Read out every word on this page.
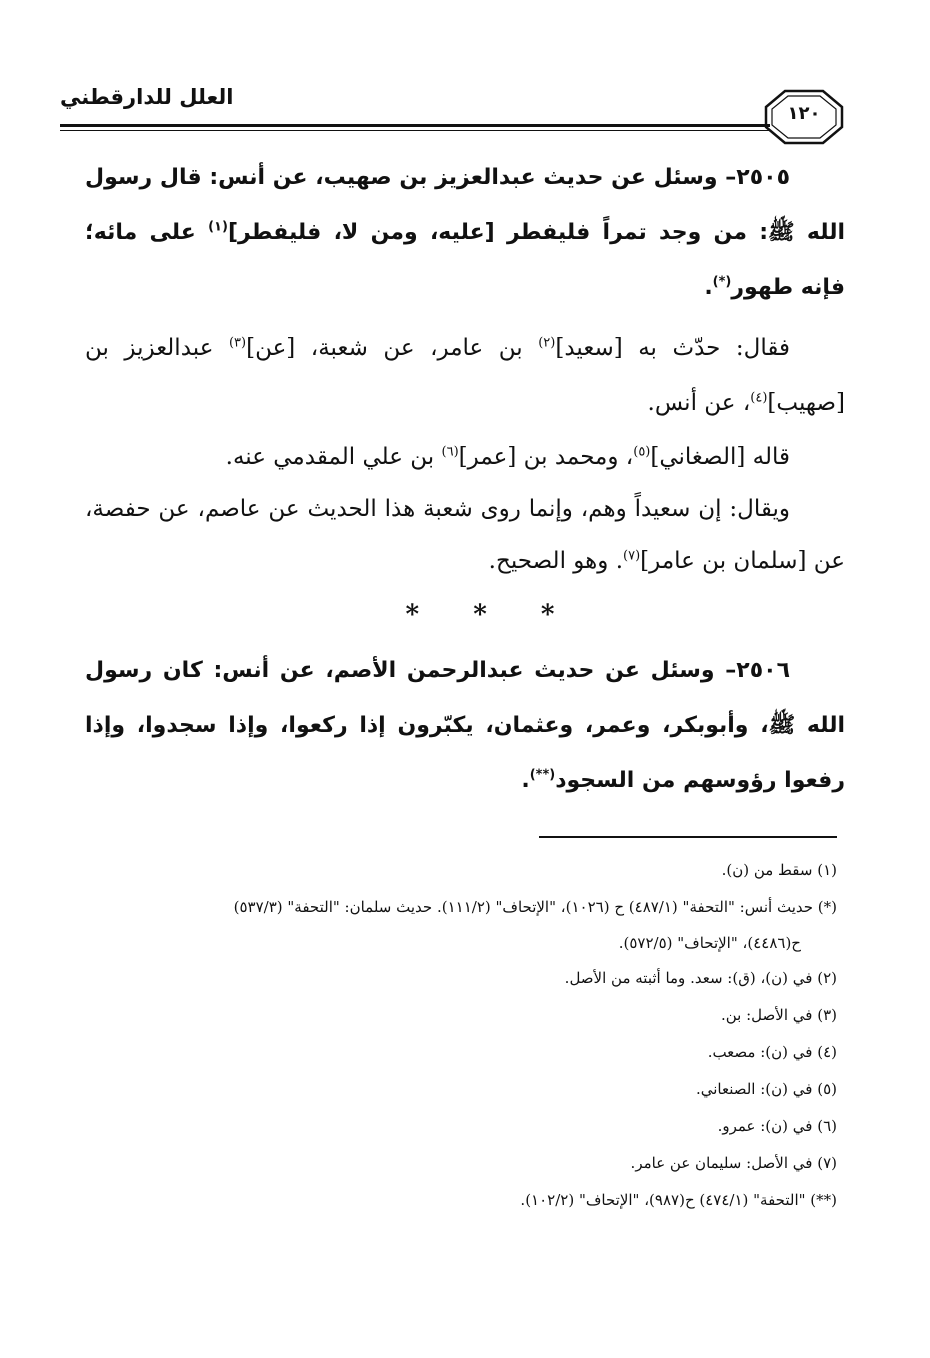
١٢٠
العلل للدارقطني

٢٥٠٥– وسئل عن حديث عبدالعزيز بن صهيب، عن أنس: قال رسول الله ﷺ: من وجد تمراً فليفطر [عليه، ومن لا، فليفطر]$^{(١)}$ على مائه؛ فإنه طهور(*).

فقال: حدّث به [سعيد]$^{(٢)}$ بن عامر، عن شعبة، [عن]$^{(٣)}$ عبدالعزيز بن [صهيب]$^{(٤)}$، عن أنس.

قاله [الصغاني]$^{(٥)}$، ومحمد بن [عمر]$^{(٦)}$ بن علي المقدمي عنه.

ويقال: إن سعيداً وهم، وإنما روى شعبة هذا الحديث عن عاصم، عن حفصة، عن [سلمان بن عامر]$^{(٧)}$. وهو الصحيح.

* * *

٢٥٠٦– وسئل عن حديث عبدالرحمن الأصم، عن أنس: كان رسول الله ﷺ، وأبوبكر، وعمر، وعثمان، يكبّرون إذا ركعوا، وإذا سجدوا، وإذا رفعوا رؤوسهم من السجود(**).

(١) سقط من (ن).

(*) حديث أنس: "التحفة" (٤٨٧/١) ح (١٠٢٦)، "الإتحاف" (١١١/٢). حديث سلمان: "التحفة" (٥٣٧/٣)

ح(٤٤٨٦)، "الإتحاف" (٥٧٢/٥).

(٢) في (ن)، (ق): سعد. وما أثبته من الأصل.

(٣) في الأصل: بن.

(٤) في (ن): مصعب.

(٥) في (ن): الصنعاني.

(٦) في (ن): عمرو.

(٧) في الأصل: سليمان عن عامر.

(**) "التحفة" (٤٧٤/١) ح(٩٨٧)، "الإتحاف" (١٠٢/٢).
